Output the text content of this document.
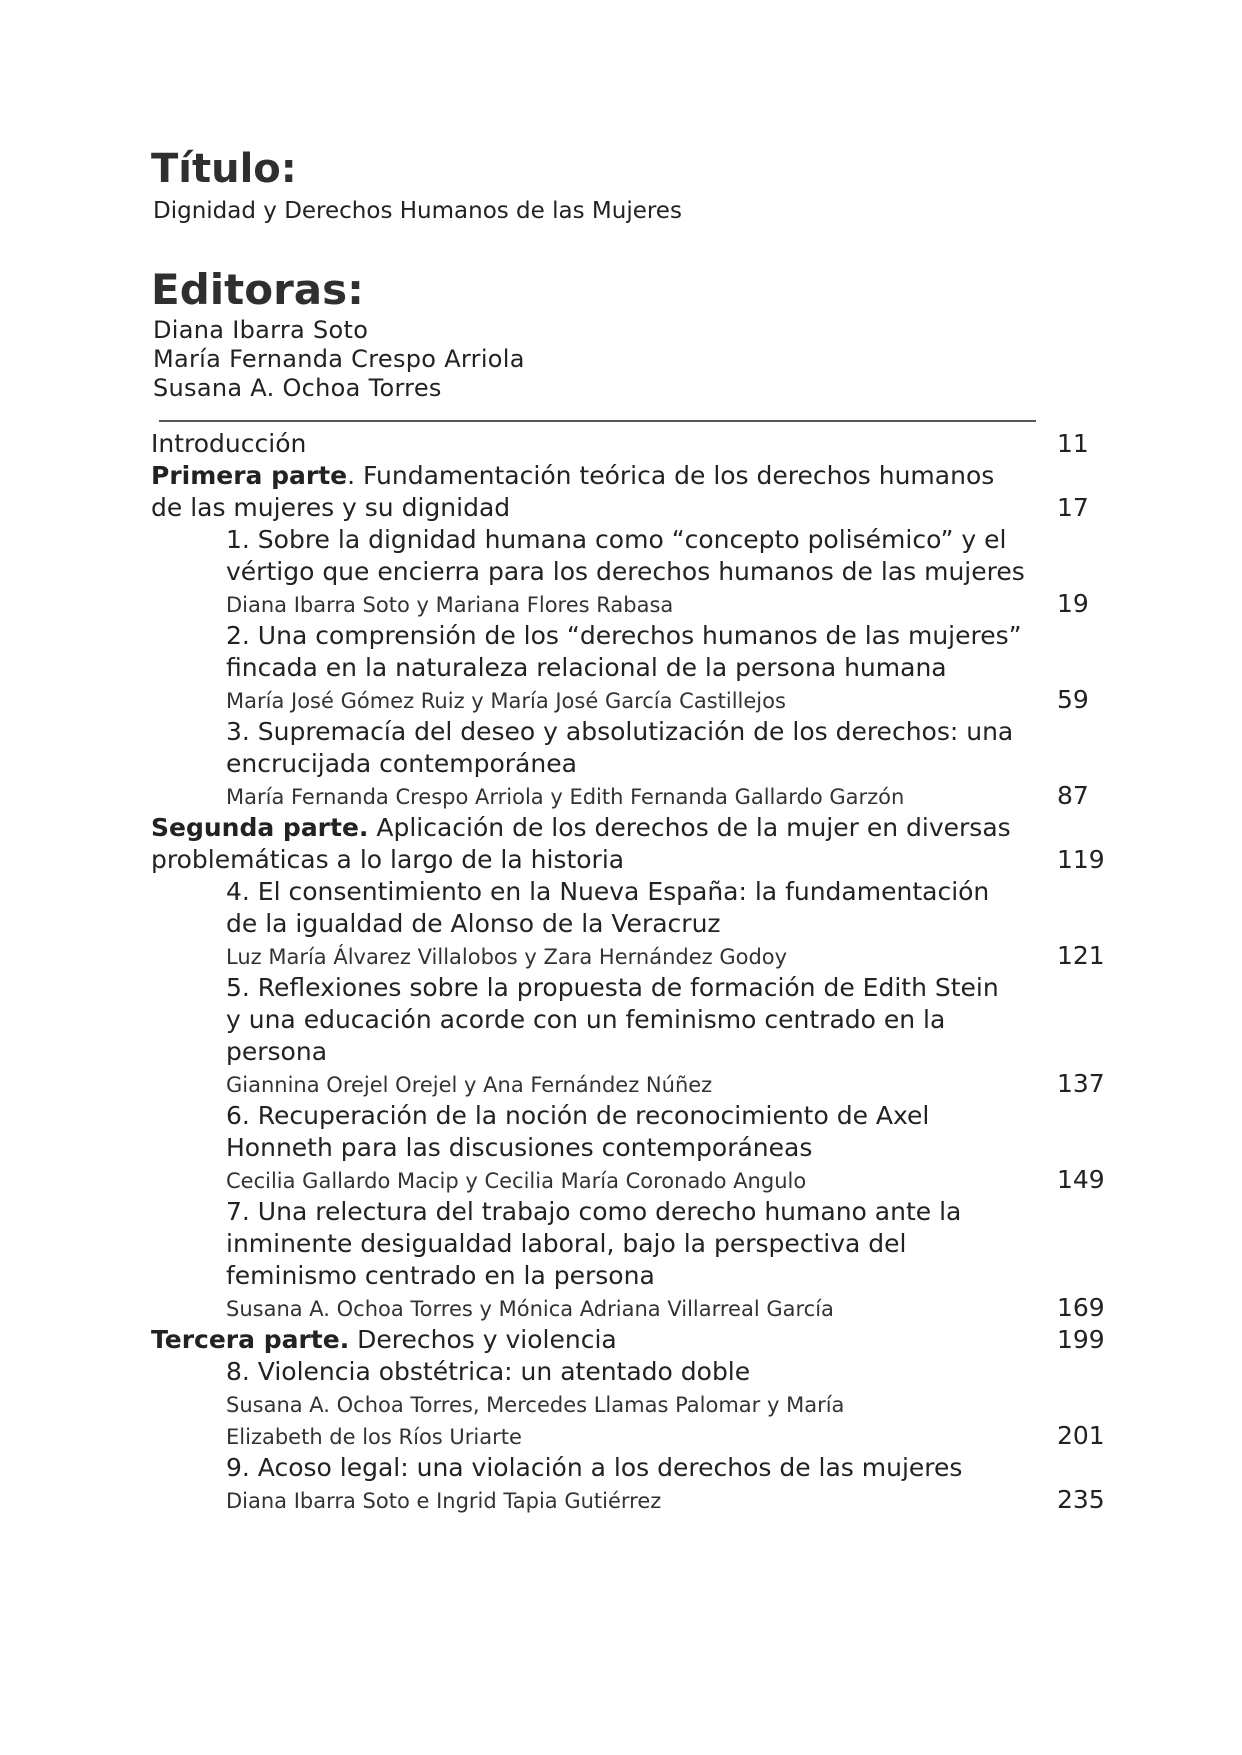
Título:
Dignidad y Derechos Humanos de las Mujeres
Editoras:
Diana Ibarra Soto
María Fernanda Crespo Arriola
Susana A. Ochoa Torres
Introducción	11
Primera parte. Fundamentación teórica de los derechos humanos
de las mujeres y su dignidad	17
1. Sobre la dignidad humana como “concepto polisémico” y el
vértigo que encierra para los derechos humanos de las mujeres
Diana Ibarra Soto y Mariana Flores Rabasa	19
2. Una comprensión de los “derechos humanos de las mujeres”
fincada en la naturaleza relacional de la persona humana
María José Gómez Ruiz y María José García Castillejos	59
3. Supremacía del deseo y absolutización de los derechos: una
encrucijada contemporánea
María Fernanda Crespo Arriola y Edith Fernanda Gallardo Garzón	87
Segunda parte. Aplicación de los derechos de la mujer en diversas
problemáticas a lo largo de la historia	119
4. El consentimiento en la Nueva España: la fundamentación
de la igualdad de Alonso de la Veracruz
Luz María Álvarez Villalobos y Zara Hernández Godoy	121
5. Reflexiones sobre la propuesta de formación de Edith Stein
y una educación acorde con un feminismo centrado en la
persona
Giannina Orejel Orejel y Ana Fernández Núñez	137
6. Recuperación de la noción de reconocimiento de Axel
Honneth para las discusiones contemporáneas
Cecilia Gallardo Macip y Cecilia María Coronado Angulo	149
7. Una relectura del trabajo como derecho humano ante la
inminente desigualdad laboral, bajo la perspectiva del
feminismo centrado en la persona
Susana A. Ochoa Torres y Mónica Adriana Villarreal García	169
Tercera parte. Derechos y violencia	199
8. Violencia obstétrica: un atentado doble
Susana A. Ochoa Torres, Mercedes Llamas Palomar y María
Elizabeth de los Ríos Uriarte	201
9. Acoso legal: una violación a los derechos de las mujeres
Diana Ibarra Soto e Ingrid Tapia Gutiérrez	235
